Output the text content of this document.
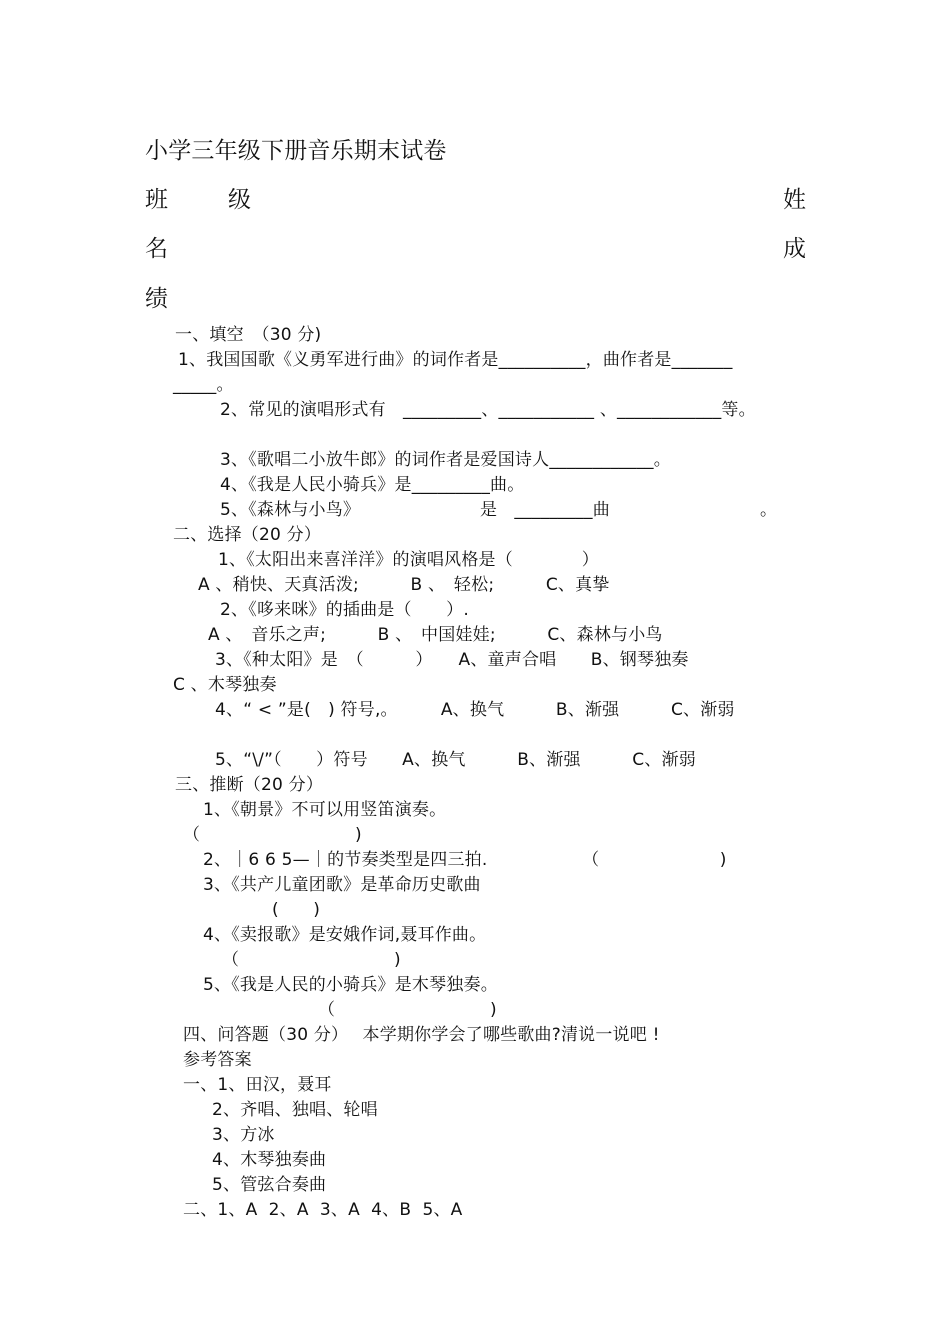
小学三年级下册音乐期末试卷
班	级	姓
名	成
绩
一、填空　（30 分)
1、我国国歌《义勇军进行曲》的词作者是__________，曲作者是_______
_____。
2、常见的演唱形式有　_________、___________ 、____________等。
3、《歌唱二小放牛郎》的词作者是爱国诗人____________。
4、《我是人民小骑兵》是_________曲。
5、《森林与小鸟》	是　_________曲	。
二、选择（20 分）
1、《太阳出来喜洋洋》的演唱风格是（　　　　）
A 、稍快、天真活泼;　　　B 、　轻松;　　　C、真挚
2、《哆来咪》的插曲是（　　）.
A 、　音乐之声;　　　B 、　中国娃娃;　　　C、森林与小鸟
3、《种太阳》是　（　　　）　　A、童声合唱　　B、钢琴独奏
C 、木琴独奏
4、“ < ”是(　) 符号,。　　　A、换气　　　B、渐强　　　C、渐弱
5、“\/”（　　）符号　　A、换气　　　B、渐强　　　C、渐弱
三、推断（20 分）
1、《朝景》不可以用竖笛演奏。
（　　　　　　　　　)
2、｜6 6 5—｜的节奏类型是四三拍.　　　　　　（　　　　　　　)
3、《共产儿童团歌》是革命历史歌曲
(　　)
4、《卖报歌》是安娥作词,聂耳作曲。
（　　　　　　　　　)
5、《我是人民的小骑兵》是木琴独奏。
（　　　　　　　　　)
四、问答题（30 分）　 本学期你学会了哪些歌曲?清说一说吧 !
参考答案
一、1、田汉，聂耳
2、齐唱、独唱、轮唱
3、方冰
4、木琴独奏曲
5、管弦合奏曲
二、1、A  2、A  3、A  4、B  5、A
